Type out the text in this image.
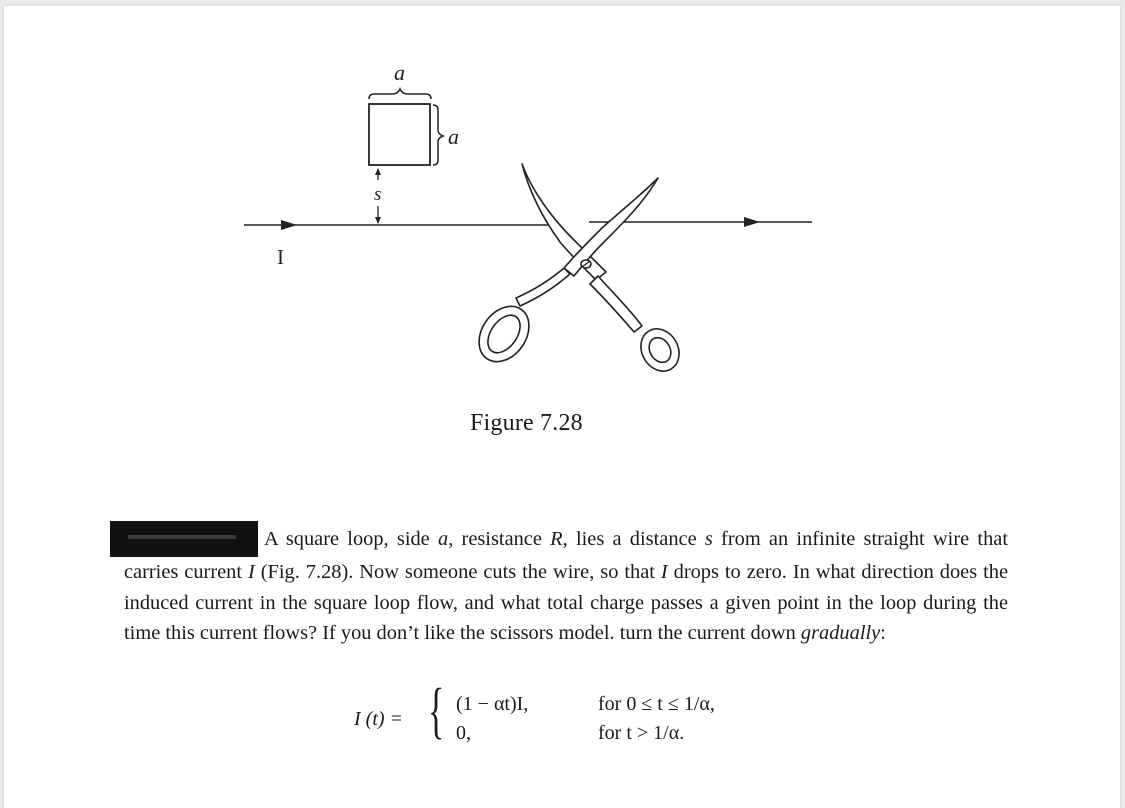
a
a
s
I
Figure 7.28
A square loop, side a, resistance R, lies a distance s from an infinite straight wire that carries current I (Fig. 7.28). Now someone cuts the wire, so that I drops to zero. In what direction does the induced current in the square loop flow, and what total charge passes a given point in the loop during the time this current flows? If you don’t like the scissors model. turn the current down gradually:
I (t) = { (1 − αt)I,	for 0 ≤ t ≤ 1/α,
0,	for t > 1/α.
